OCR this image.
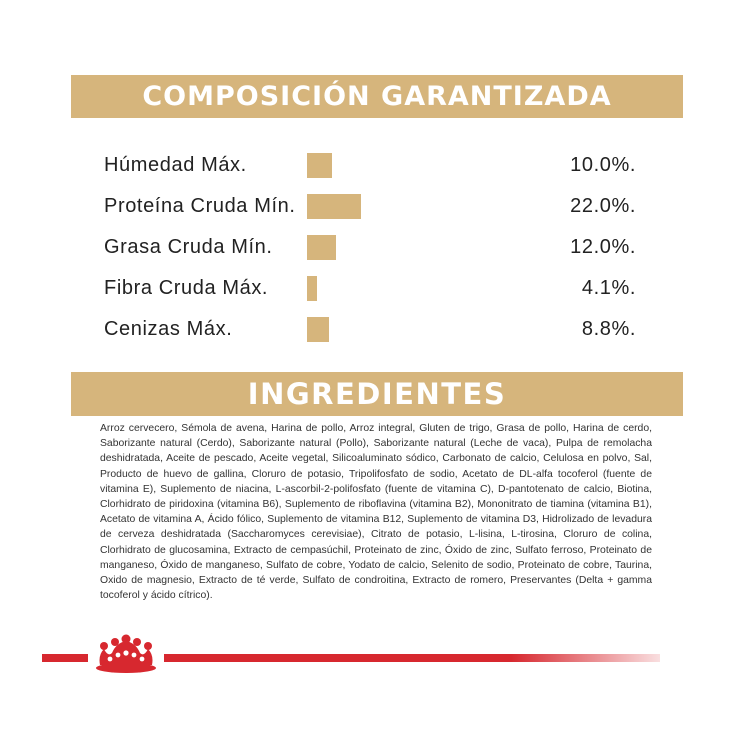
COMPOSICIÓN GARANTIZADA
Húmedad Máx.	10.0%.
Proteína Cruda Mín.	22.0%.
Grasa Cruda Mín.	12.0%.
Fibra Cruda Máx.	4.1%.
Cenizas Máx.	8.8%.
INGREDIENTES
Arroz cervecero, Sémola de avena, Harina de pollo, Arroz integral, Gluten de trigo, Grasa de pollo, Harina de cerdo, Saborizante natural (Cerdo), Saborizante natural (Pollo), Saborizante natural (Leche de vaca), Pulpa de remolacha deshidratada, Aceite de pescado, Aceite vegetal, Silicoaluminato sódico, Carbonato de calcio, Celulosa en polvo, Sal, Producto de huevo de gallina, Cloruro de potasio, Tripolifosfato de sodio, Acetato de DL-alfa tocoferol (fuente de vitamina E), Suplemento de niacina, L-ascorbil-2-polifosfato (fuente de vitamina C), D-pantotenato de calcio, Biotina, Clorhidrato de piridoxina (vitamina B6), Suplemento de riboflavina (vitamina B2), Mononitrato de tiamina (vitamina B1), Acetato de vitamina A, Ácido fólico, Suplemento de vitamina B12, Suplemento de vitamina D3, Hidrolizado de levadura de cerveza deshidratada (Saccharomyces cerevisiae), Citrato de potasio, L-lisina, L-tirosina, Cloruro de colina, Clorhidrato de glucosamina, Extracto de cempasúchil, Proteinato de zinc, Óxido de zinc, Sulfato ferroso, Proteinato de manganeso, Óxido de manganeso, Sulfato de cobre, Yodato de calcio, Selenito de sodio, Proteinato de cobre, Taurina, Oxido de magnesio, Extracto de té verde, Sulfato de condroitina, Extracto de romero, Preservantes (Delta + gamma tocoferol y ácido cítrico).
